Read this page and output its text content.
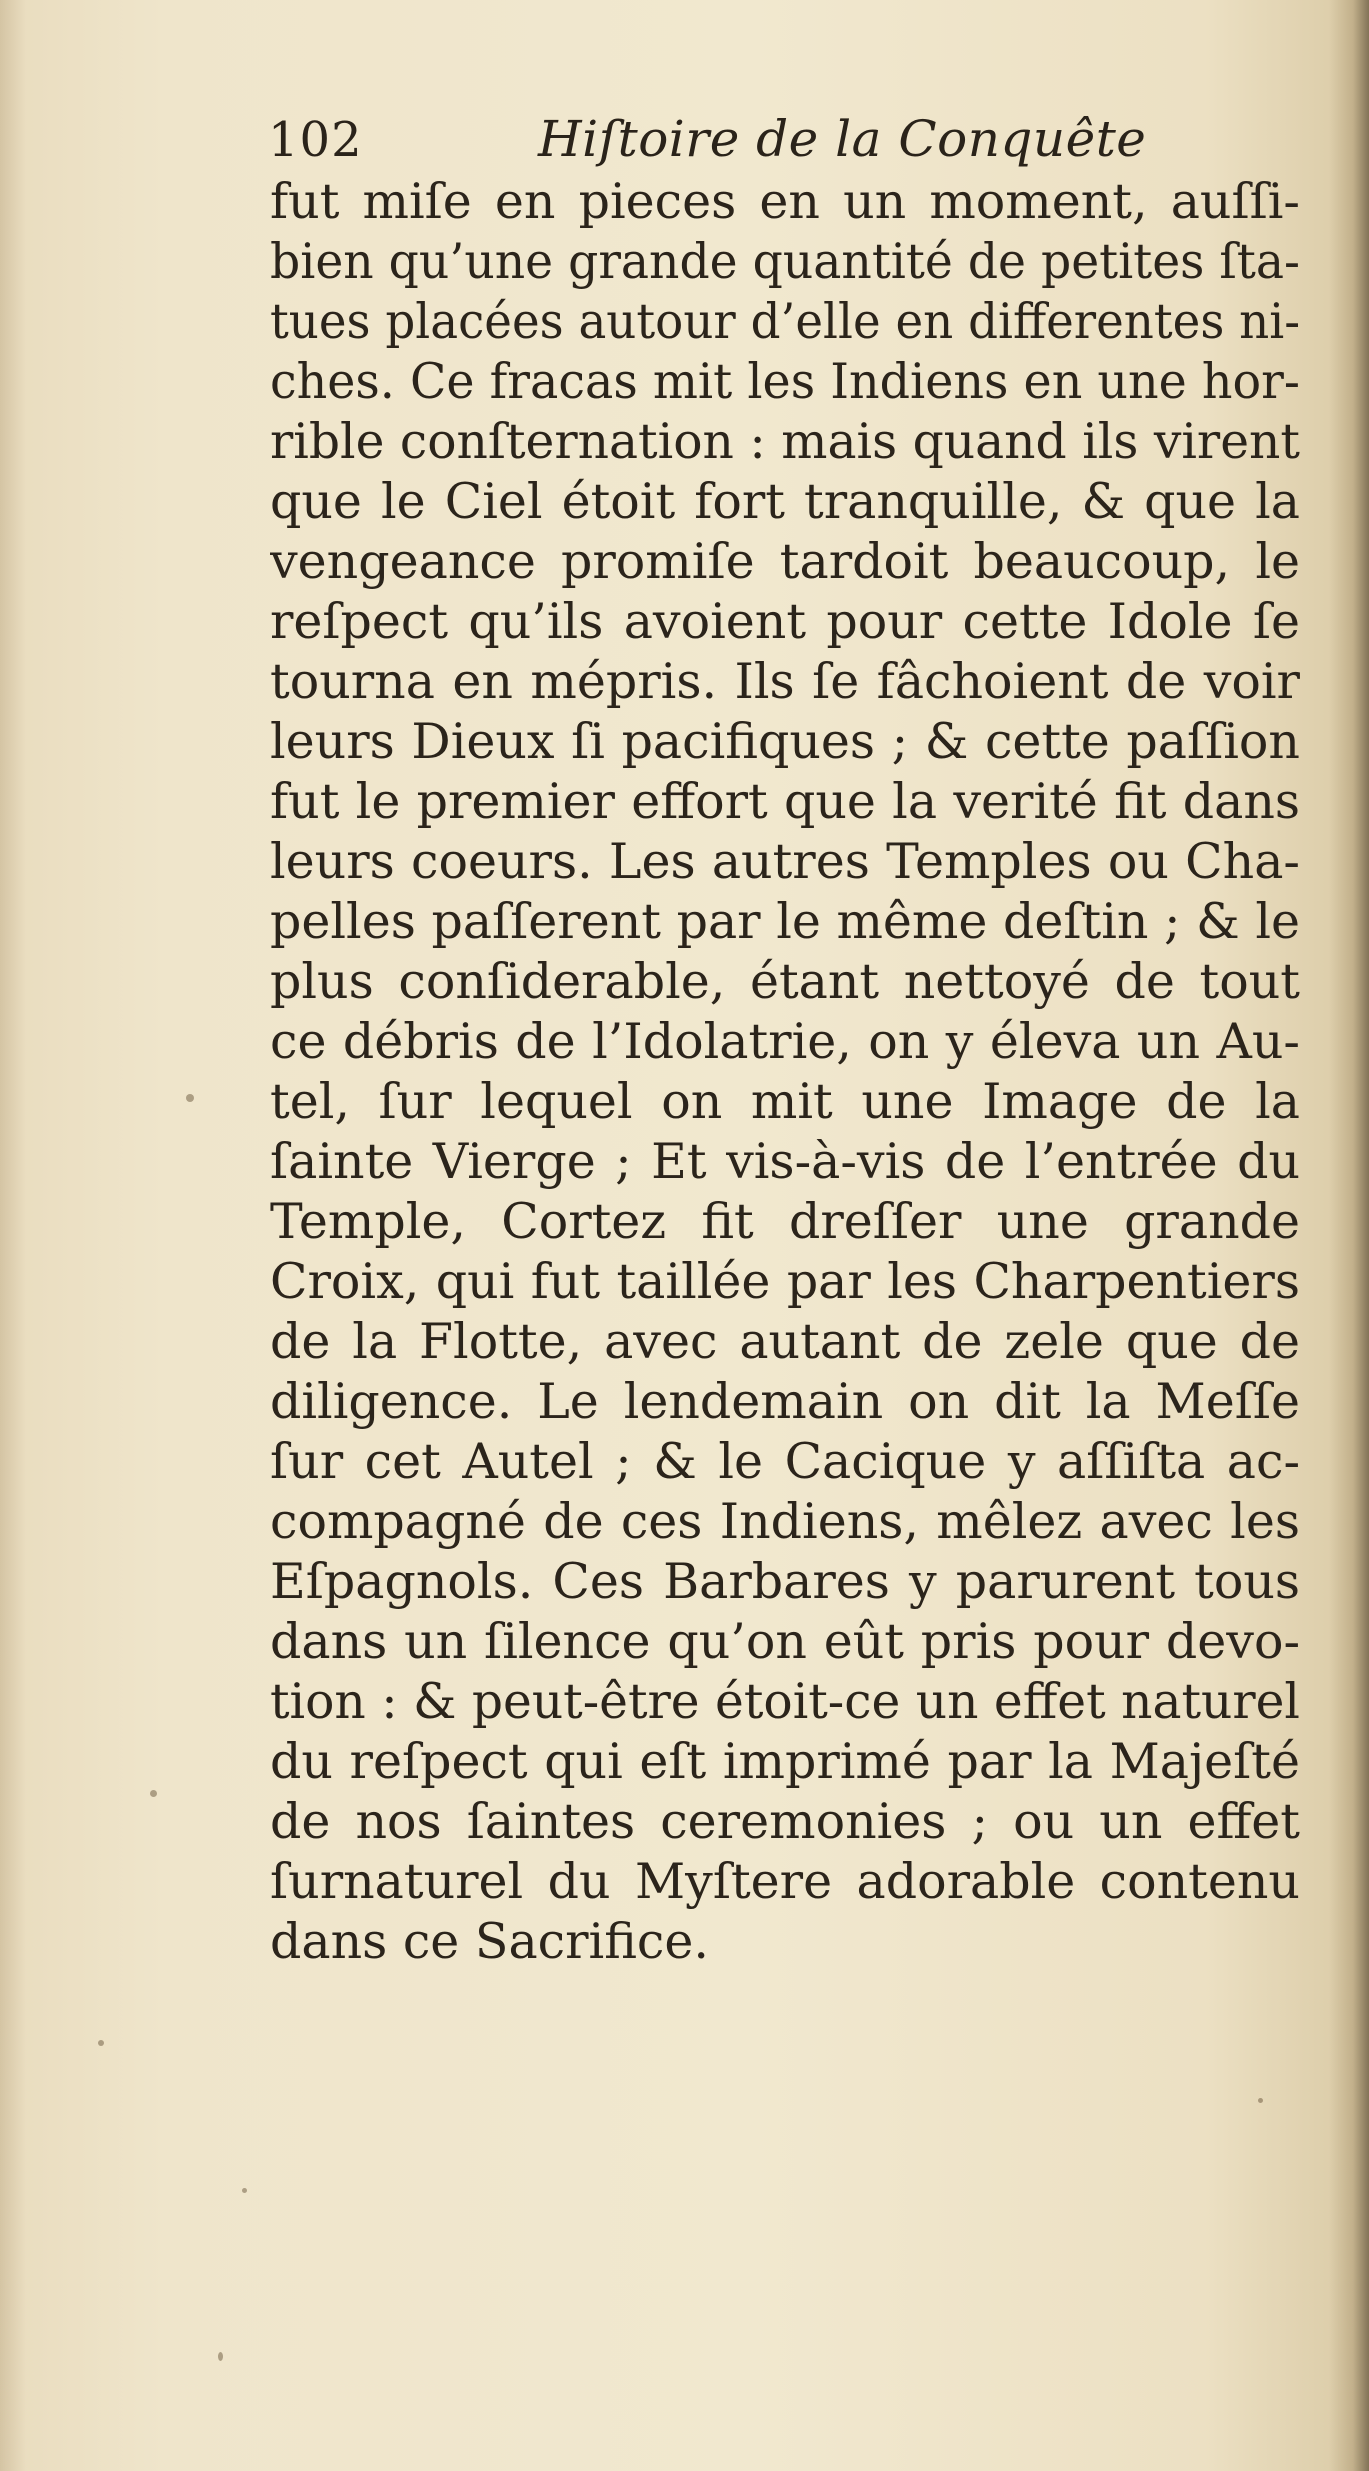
102	Hiſtoire de la Conquête
fut miſe en pieces en un moment, auſſi-
bien qu’une grande quantité de petites ſta-
tues placées autour d’elle en differentes ni-
ches. Ce fracas mit les Indiens en une hor-
rible conſternation : mais quand ils virent
que le Ciel étoit fort tranquille, & que la
vengeance promiſe tardoit beaucoup, le
reſpect qu’ils avoient pour cette Idole ſe
tourna en mépris. Ils ſe fâchoient de voir
leurs Dieux ſi pacifiques ; & cette paſſion
fut le premier effort que la verité fit dans
leurs coeurs. Les autres Temples ou Cha-
pelles paſſerent par le même deſtin ; & le
plus conſiderable, étant nettoyé de tout
ce débris de l’Idolatrie, on y éleva un Au-
tel, ſur lequel on mit une Image de la
ſainte Vierge ; Et vis-à-vis de l’entrée du
Temple, Cortez fit dreſſer une grande
Croix, qui fut taillée par les Charpentiers
de la Flotte, avec autant de zele que de
diligence. Le lendemain on dit la Meſſe
ſur cet Autel ; & le Cacique y aſſiſta ac-
compagné de ces Indiens, mêlez avec les
Eſpagnols. Ces Barbares y parurent tous
dans un ſilence qu’on eût pris pour devo-
tion : & peut-être étoit-ce un effet naturel
du reſpect qui eſt imprimé par la Majeſté
de nos ſaintes ceremonies ; ou un effet
ſurnaturel du Myſtere adorable contenu
dans ce Sacrifice.
